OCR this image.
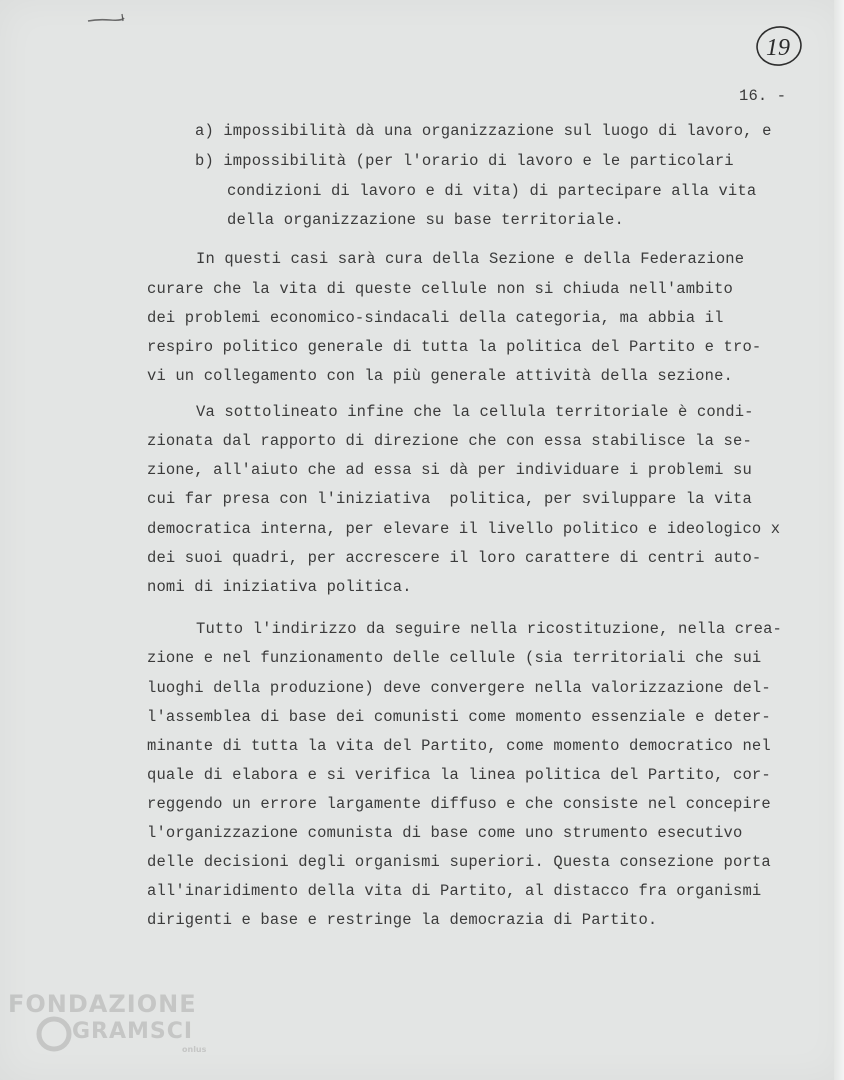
19

16. -

a) impossibilità dà una organizzazione sul luogo di lavoro, e

b) impossibilità (per l'orario di lavoro e le particolari

condizioni di lavoro e di vita) di partecipare alla vita

della organizzazione su base territoriale.

In questi casi sarà cura della Sezione e della Federazione

curare che la vita di queste cellule non si chiuda nell'ambito

dei problemi economico-sindacali della categoria, ma abbia il

respiro politico generale di tutta la politica del Partito e tro-

vi un collegamento con la più generale attività della sezione.

Va sottolineato infine che la cellula territoriale è condi-

zionata dal rapporto di direzione che con essa stabilisce la se-

zione, all'aiuto che ad essa si dà per individuare i problemi su

cui far presa con l'iniziativa  politica, per sviluppare la vita

democratica interna, per elevare il livello politico e ideologico x

dei suoi quadri, per accrescere il loro carattere di centri auto-

nomi di iniziativa politica.

Tutto l'indirizzo da seguire nella ricostituzione, nella crea-

zione e nel funzionamento delle cellule (sia territoriali che sui

luoghi della produzione) deve convergere nella valorizzazione del-

l'assemblea di base dei comunisti come momento essenziale e deter-

minante di tutta la vita del Partito, come momento democratico nel

quale di elabora e si verifica la linea politica del Partito, cor-

reggendo un errore largamente diffuso e che consiste nel concepire

l'organizzazione comunista di base come uno strumento esecutivo

delle decisioni degli organismi superiori. Questa consezione porta

all'inaridimento della vita di Partito, al distacco fra organismi

dirigenti e base e restringe la democrazia di Partito.

FONDAZIONE
GRAMSCI
onlus
